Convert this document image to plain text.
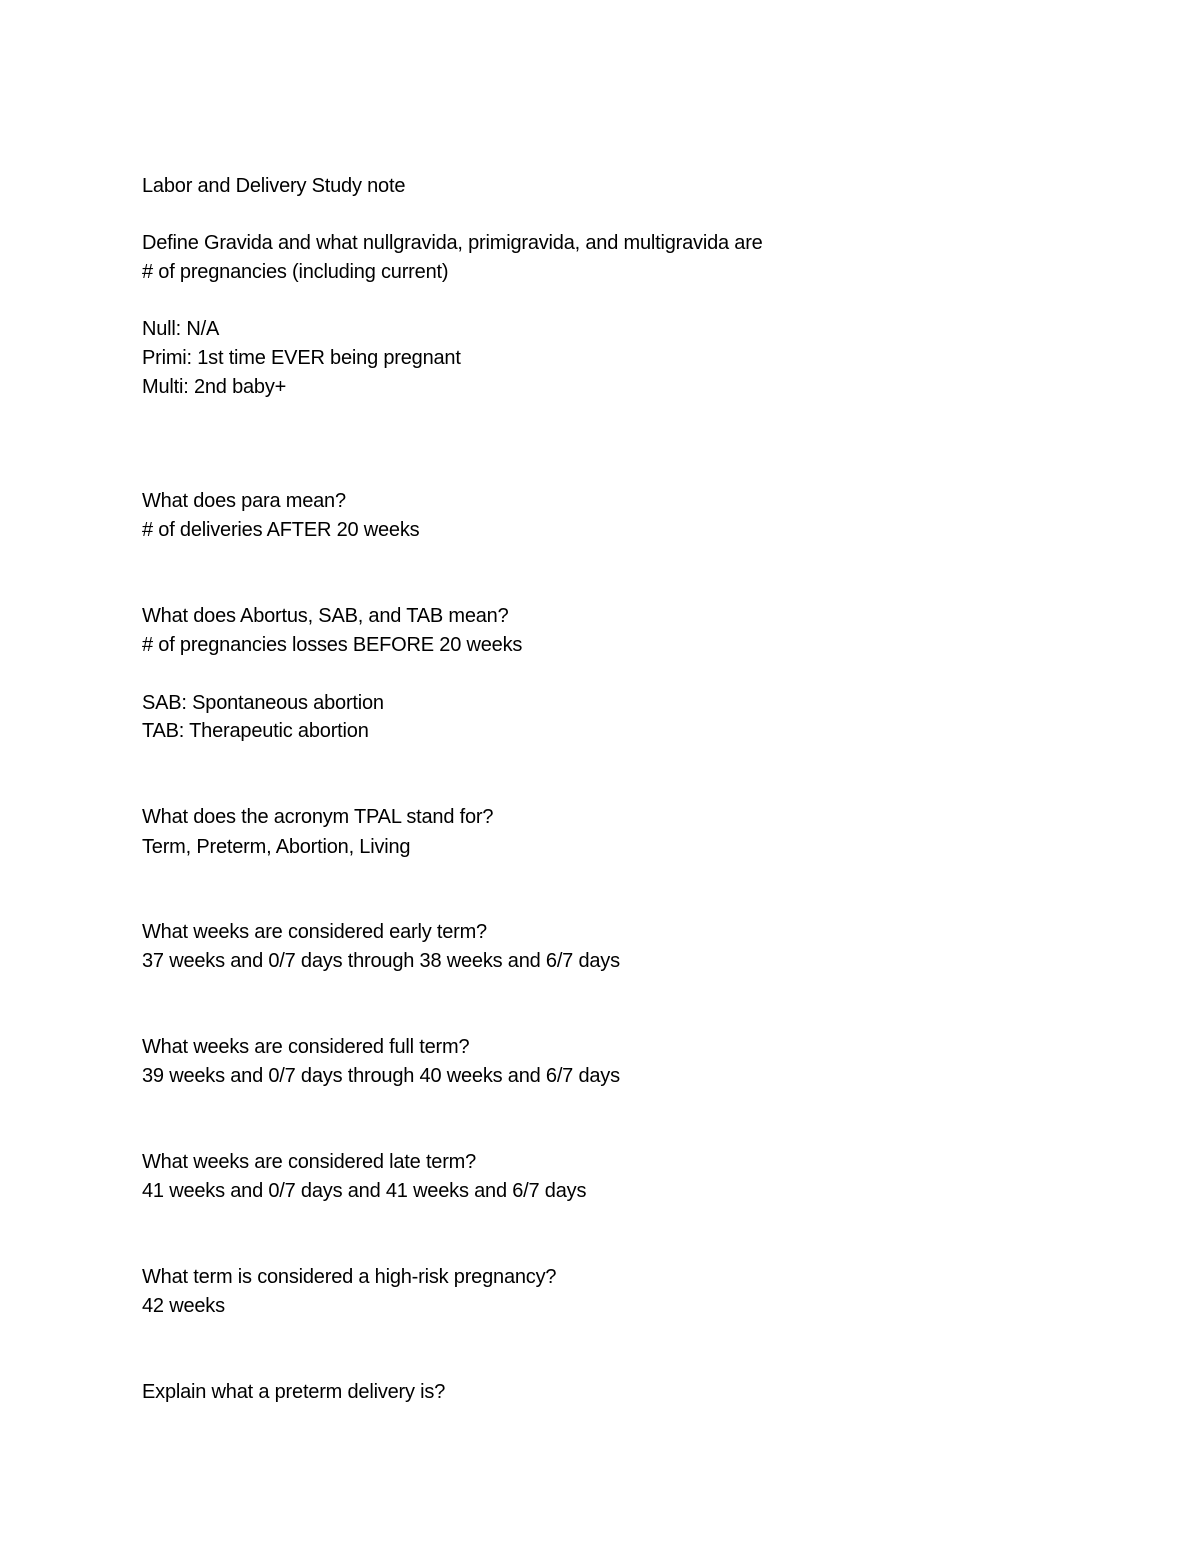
Labor and Delivery Study note
Define Gravida and what nullgravida, primigravida, and multigravida are
# of pregnancies (including current)
Null: N/A
Primi: 1st time EVER being pregnant
Multi: 2nd baby+
What does para mean?
# of deliveries AFTER 20 weeks
What does Abortus, SAB, and TAB mean?
# of pregnancies losses BEFORE 20 weeks
SAB: Spontaneous abortion
TAB: Therapeutic abortion
What does the acronym TPAL stand for?
Term, Preterm, Abortion, Living
What weeks are considered early term?
37 weeks and 0/7 days through 38 weeks and 6/7 days
What weeks are considered full term?
39 weeks and 0/7 days through 40 weeks and 6/7 days
What weeks are considered late term?
41 weeks and 0/7 days and 41 weeks and 6/7 days
What term is considered a high-risk pregnancy?
42 weeks
Explain what a preterm delivery is?
